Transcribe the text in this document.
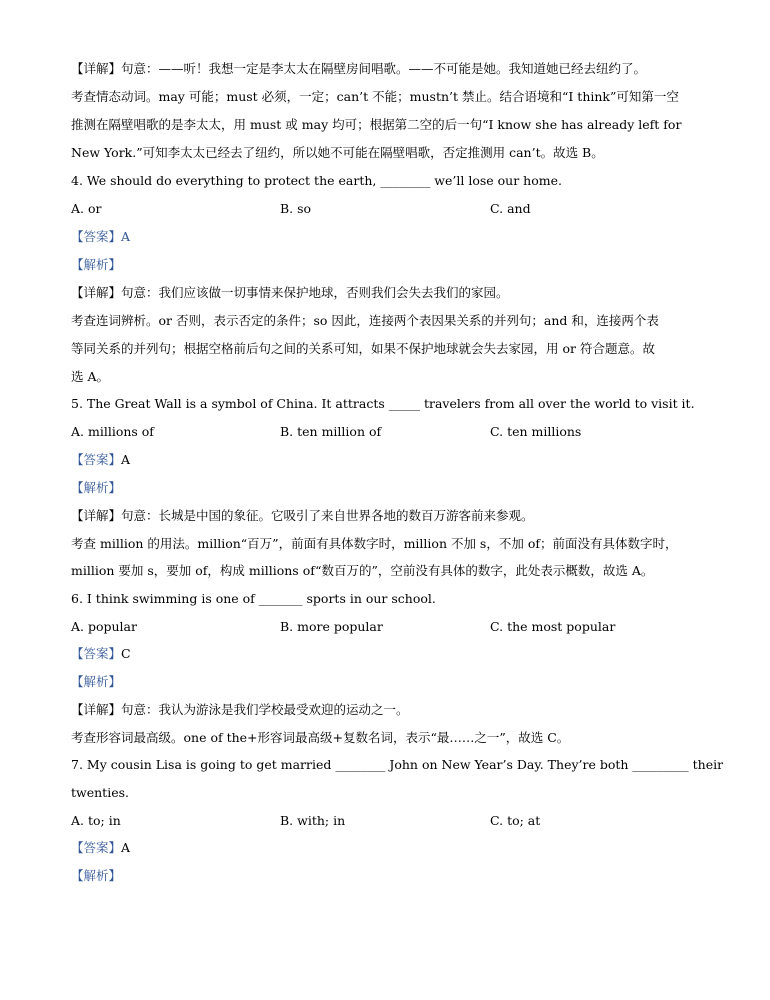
【详解】句意：——听！我想一定是李太太在隔壁房间唱歌。——不可能是她。我知道她已经去纽约了。
考查情态动词。may 可能；must 必须，一定；can’t 不能；mustn’t 禁止。结合语境和“I think”可知第一空
推测在隔壁唱歌的是李太太，用 must 或 may 均可；根据第二空的后一句“I know she has already left for
New York.”可知李太太已经去了纽约，所以她不可能在隔壁唱歌，否定推测用 can’t。故选 B。
4. We should do everything to protect the earth, ________ we’ll lose our home.
A. or	B. so	C. and
【答案】A
【解析】
【详解】句意：我们应该做一切事情来保护地球，否则我们会失去我们的家园。
考查连词辨析。or 否则，表示否定的条件；so 因此，连接两个表因果关系的并列句；and 和，连接两个表
等同关系的并列句；根据空格前后句之间的关系可知，如果不保护地球就会失去家园，用 or 符合题意。故
选 A。
5. The Great Wall is a symbol of China. It attracts _____ travelers from all over the world to visit it.
A. millions of	B. ten million of	C. ten millions
【答案】A
【解析】
【详解】句意：长城是中国的象征。它吸引了来自世界各地的数百万游客前来参观。
考查 million 的用法。million“百万”，前面有具体数字时，million 不加 s，不加 of；前面没有具体数字时，
million 要加 s，要加 of，构成 millions of“数百万的”，空前没有具体的数字，此处表示概数，故选 A。
6. I think swimming is one of _______ sports in our school.
A. popular	B. more popular	C. the most popular
【答案】C
【解析】
【详解】句意：我认为游泳是我们学校最受欢迎的运动之一。
考查形容词最高级。one of the+形容词最高级+复数名词，表示“最……之一”，故选 C。
7. My cousin Lisa is going to get married ________ John on New Year’s Day. They’re both _________ their
twenties.
A. to; in	B. with; in	C. to; at
【答案】A
【解析】
